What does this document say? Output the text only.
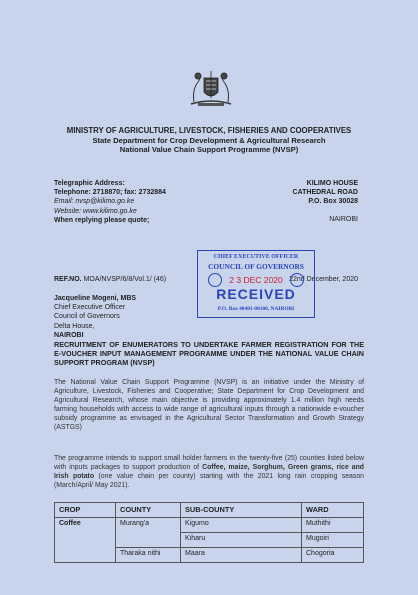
MINISTRY OF AGRICULTURE, LIVESTOCK, FISHERIES AND COOPERATIVES
State Department for Crop Development & Agricultural Research
National Value Chain Support Programme (NVSP)
Telegraphic Address:
Telephone: 2718870; fax: 2732884
Email: nvsp@kilimo.go.ke
Website: www.kilimo.go.ke
When replying please quote;
KILIMO HOUSE
CATHEDRAL ROAD
P.O. Box 30028
NAIROBI
REF.NO. MOA/NVSP/6/8/Vol.1/ (46)	22nd December, 2020
Jacqueline Mogeni, MBS
Chief Executive Officer
Council of Governors
Delta House,
NAIROBI
CHIEF EXECUTIVE OFFICER
COUNCIL OF GOVERNORS
2 3 DEC 2020
RECEIVED
P.O. Box 40401-00100, NAIROBI
RECRUITMENT OF ENUMERATORS TO UNDERTAKE FARMER REGISTRATION FOR THE E-VOUCHER INPUT MANAGEMENT PROGRAMME UNDER THE NATIONAL VALUE CHAIN SUPPORT PROGRAM (NVSP)
The National Value Chain Support Programme (NVSP) is an initiative under the Ministry of Agriculture, Livestock, Fisheries and Cooperative; State Department for Crop Development and Agricultural Research, whose main objective is providing approximately 1.4 million high needs farming households with access to wide range of agricultural inputs through a nationwide e-voucher subsidy programme as envisaged in the Agricultural Sector Transformation and Growth Strategy (ASTGS)
The programme intends to support small holder farmers in the twenty-five (25) counties listed below with inputs packages to support production of Coffee, maize, Sorghum, Green grams, rice and Irish potato (one value chain per county) starting with the 2021 long rain cropping season (March/April/ May 2021).
CROP	COUNTY	SUB-COUNTY	WARD
Coffee	Murang'a	Kigumo	Muthithi
		Kiharu	Mugoiri
	Tharaka nithi	Maara	Chogoria
